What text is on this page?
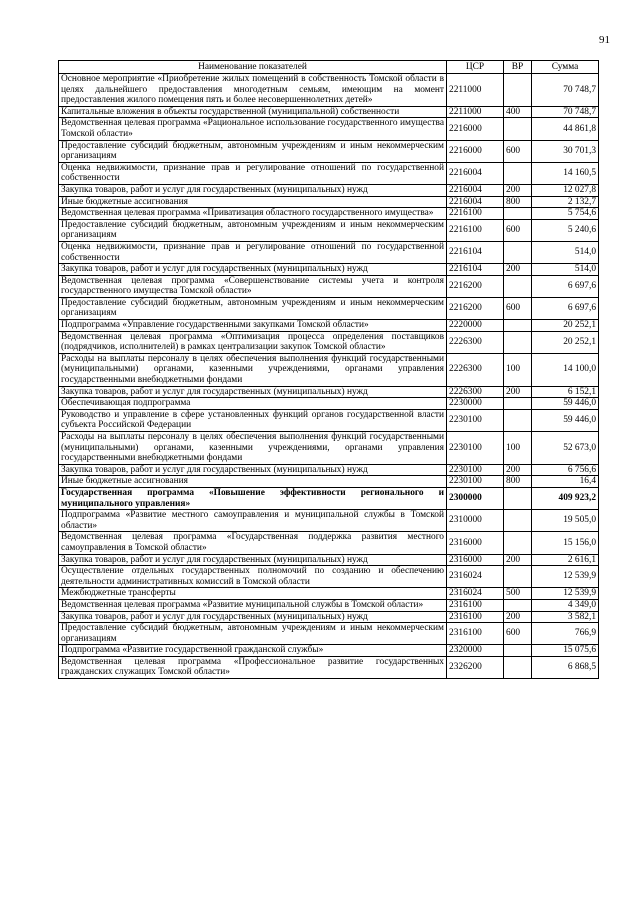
91
Наименование показателей	ЦСР	ВР	Сумма
Основное мероприятие «Приобретение жилых помещений в собственность Томской области в целях дальнейшего предоставления многодетным семьям, имеющим на момент предоставления жилого помещения пять и более несовершеннолетних детей»	2211000		70 748,7
Капитальные вложения в объекты государственной (муниципальной) собственности	2211000	400	70 748,7
Ведомственная целевая программа «Рациональное использование государственного имущества Томской области»	2216000		44 861,8
Предоставление субсидий бюджетным, автономным учреждениям и иным некоммерческим организациям	2216000	600	30 701,3
Оценка недвижимости, признание прав и регулирование отношений по государственной собственности	2216004		14 160,5
Закупка товаров, работ и услуг для государственных (муниципальных) нужд	2216004	200	12 027,8
Иные бюджетные ассигнования	2216004	800	2 132,7
Ведомственная целевая программа «Приватизация областного государственного имущества»	2216100		5 754,6
Предоставление субсидий бюджетным, автономным учреждениям и иным некоммерческим организациям	2216100	600	5 240,6
Оценка недвижимости, признание прав и регулирование отношений по государственной собственности	2216104		514,0
Закупка товаров, работ и услуг для государственных (муниципальных) нужд	2216104	200	514,0
Ведомственная целевая программа «Совершенствование системы учета и контроля государственного имущества Томской области»	2216200		6 697,6
Предоставление субсидий бюджетным, автономным учреждениям и иным некоммерческим организациям	2216200	600	6 697,6
Подпрограмма «Управление государственными закупками Томской области»	2220000		20 252,1
Ведомственная целевая программа «Оптимизация процесса определения поставщиков (подрядчиков, исполнителей) в рамках централизации закупок Томской области»	2226300		20 252,1
Расходы на выплаты персоналу в целях обеспечения выполнения функций государственными (муниципальными) органами, казенными учреждениями, органами управления государственными внебюджетными фондами	2226300	100	14 100,0
Закупка товаров, работ и услуг для государственных (муниципальных) нужд	2226300	200	6 152,1
Обеспечивающая подпрограмма	2230000		59 446,0
Руководство и управление в сфере установленных функций органов государственной власти субъекта Российской Федерации	2230100		59 446,0
Расходы на выплаты персоналу в целях обеспечения выполнения функций государственными (муниципальными) органами, казенными учреждениями, органами управления государственными внебюджетными фондами	2230100	100	52 673,0
Закупка товаров, работ и услуг для государственных (муниципальных) нужд	2230100	200	6 756,6
Иные бюджетные ассигнования	2230100	800	16,4
Государственная программа «Повышение эффективности регионального и муниципального управления»	2300000		409 923,2
Подпрограмма «Развитие местного самоуправления и муниципальной службы в Томской области»	2310000		19 505,0
Ведомственная целевая программа «Государственная поддержка развития местного самоуправления в Томской области»	2316000		15 156,0
Закупка товаров, работ и услуг для государственных (муниципальных) нужд	2316000	200	2 616,1
Осуществление отдельных государственных полномочий по созданию и обеспечению деятельности административных комиссий в Томской области	2316024		12 539,9
Межбюджетные трансферты	2316024	500	12 539,9
Ведомственная целевая программа «Развитие муниципальной службы в Томской области»	2316100		4 349,0
Закупка товаров, работ и услуг для государственных (муниципальных) нужд	2316100	200	3 582,1
Предоставление субсидий бюджетным, автономным учреждениям и иным некоммерческим организациям	2316100	600	766,9
Подпрограмма «Развитие государственной гражданской службы»	2320000		15 075,6
Ведомственная целевая программа «Профессиональное развитие государственных гражданских служащих Томской области»	2326200		6 868,5
